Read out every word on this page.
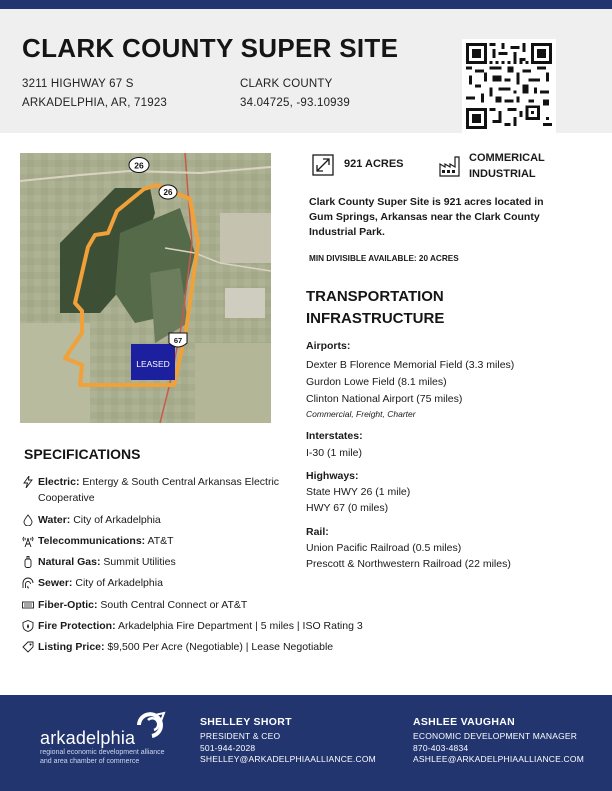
CLARK COUNTY SUPER SITE
3211 HIGHWAY 67 S
ARKADELPHIA, AR, 71923
CLARK COUNTY
34.04725, -93.10939
LEASED
26
26
67
921 ACRES	COMMERICAL
INDUSTRIAL
Clark County Super Site is 921 acres located in Gum Springs, Arkansas near the Clark County Industrial Park.
MIN DIVISIBLE AVAILABLE: 20 ACRES
TRANSPORTATION INFRASTRUCTURE
Airports:
Dexter B Florence Memorial Field (3.3 miles)
Gurdon Lowe Field (8.1 miles)
Clinton National Airport (75 miles)
Commercial, Freight, Charter
Interstates:
I-30 (1 mile)
Highways:
State HWY 26 (1 mile)
HWY 67 (0 miles)
Rail:
Union Pacific Railroad (0.5 miles)
Prescott & Northwestern Railroad (22 miles)
SPECIFICATIONS
Electric: Entergy & South Central Arkansas Electric Cooperative
Water: City of Arkadelphia
Telecommunications: AT&T
Natural Gas: Summit Utilities
Sewer: City of Arkadelphia
Fiber-Optic: South Central Connect or AT&T
Fire Protection: Arkadelphia Fire Department | 5 miles | ISO Rating 3
Listing Price: $9,500 Per Acre (Negotiable) | Lease Negotiable
arkadelphia
regional economic development alliance
and area chamber of commerce
SHELLEY SHORT
PRESIDENT & CEO
501-944-2028
SHELLEY@ARKADELPHIAALLIANCE.COM
ASHLEE VAUGHAN
ECONOMIC DEVELOPMENT MANAGER
870-403-4834
ASHLEE@ARKADELPHIAALLIANCE.COM
